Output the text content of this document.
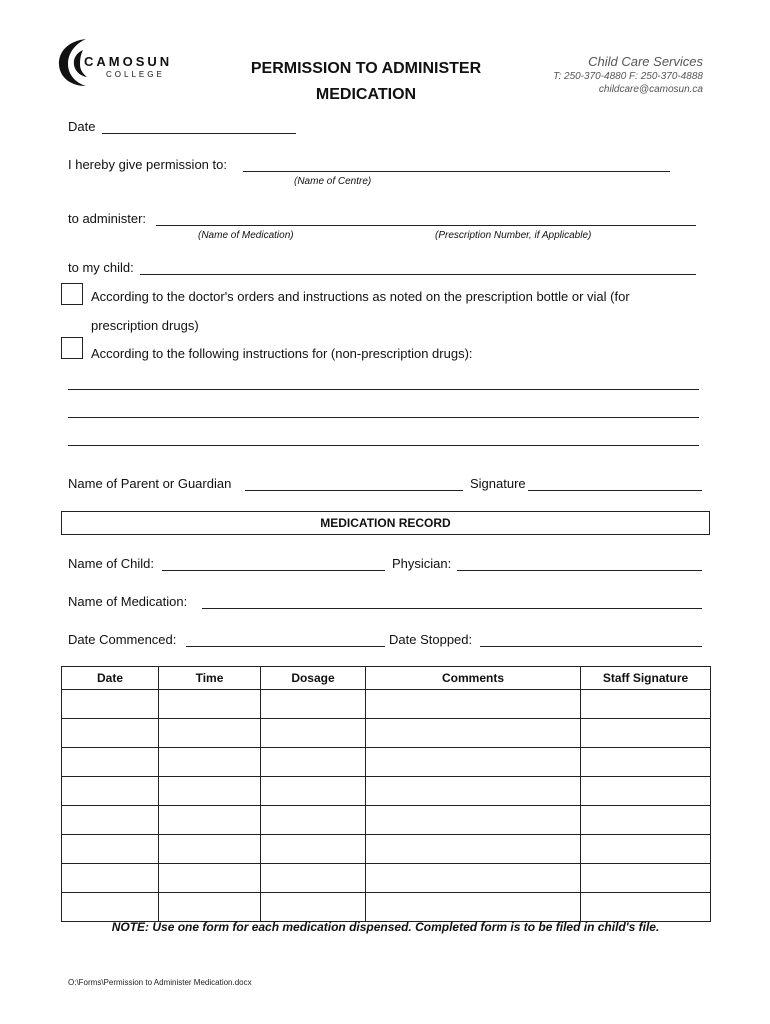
CAMOSUN
COLLEGE	PERMISSION TO ADMINISTER
MEDICATION
Child Care Services
T: 250-370-4880 F: 250-370-4888
childcare@camosun.ca
Date
I hereby give permission to:
(Name of Centre)
to administer:
(Name of Medication)	(Prescription Number, if Applicable)
to my child:
According to the doctor's orders and instructions as noted on the prescription bottle or vial (for
prescription drugs)
According to the following instructions for (non-prescription drugs):
Name of Parent or Guardian	Signature
MEDICATION RECORD
Name of Child:	Physician:
Name of Medication:
Date Commenced:	Date Stopped:
Date	Time	Dosage	Comments	Staff Signature

NOTE: Use one form for each medication dispensed. Completed form is to be filed in child's file.
O:\Forms\Permission to Administer Medication.docx
